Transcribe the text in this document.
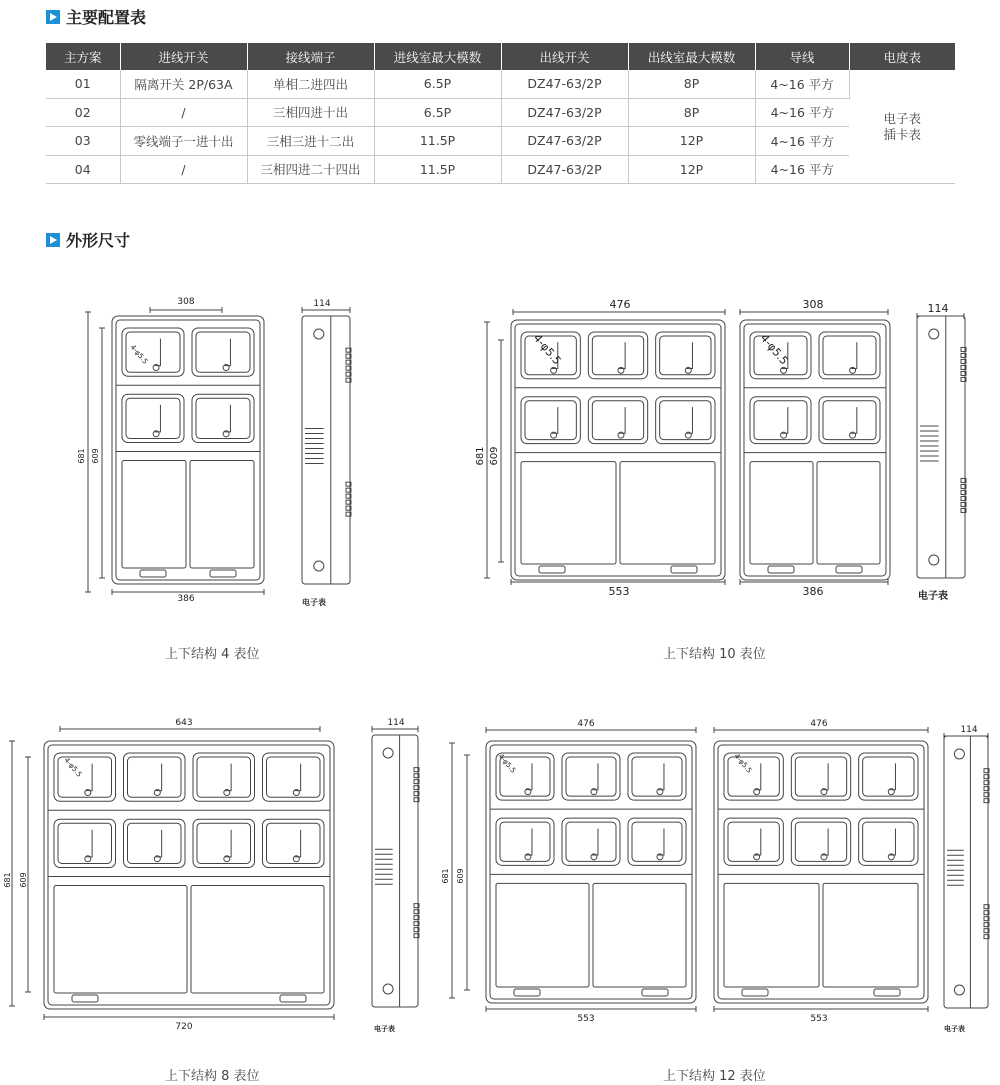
主要配置表
主方案	进线开关	接线端子	进线室最大模数	出线开关	出线室最大模数	导线	电度表
01	隔离开关 2P/63A	单相二进四出	6.5P	DZ47-63/2P	8P	4~16 平方	电子表
插卡表

02	/	三相四进十出	6.5P	DZ47-63/2P	8P	4~16 平方	
03	零线端子一进十出	三相三进十二出	11.5P	DZ47-63/2P	12P	4~16 平方	
04	/	三相四进二十四出	11.5P	DZ47-63/2P	12P	4~16 平方	
外形尺寸
308
681 609
386
114
4-φ5.5
电子表
476	308
681 609
553	386
114
4-φ5.5	4-φ5.5
电子表
643
681 609
720
114
4-φ5.5
电子表
476	476
681 609
553	553
114
4-φ5.5	4-φ5.5
电子表
上下结构 4 表位	上下结构 10 表位
上下结构 8 表位	上下结构 12 表位
